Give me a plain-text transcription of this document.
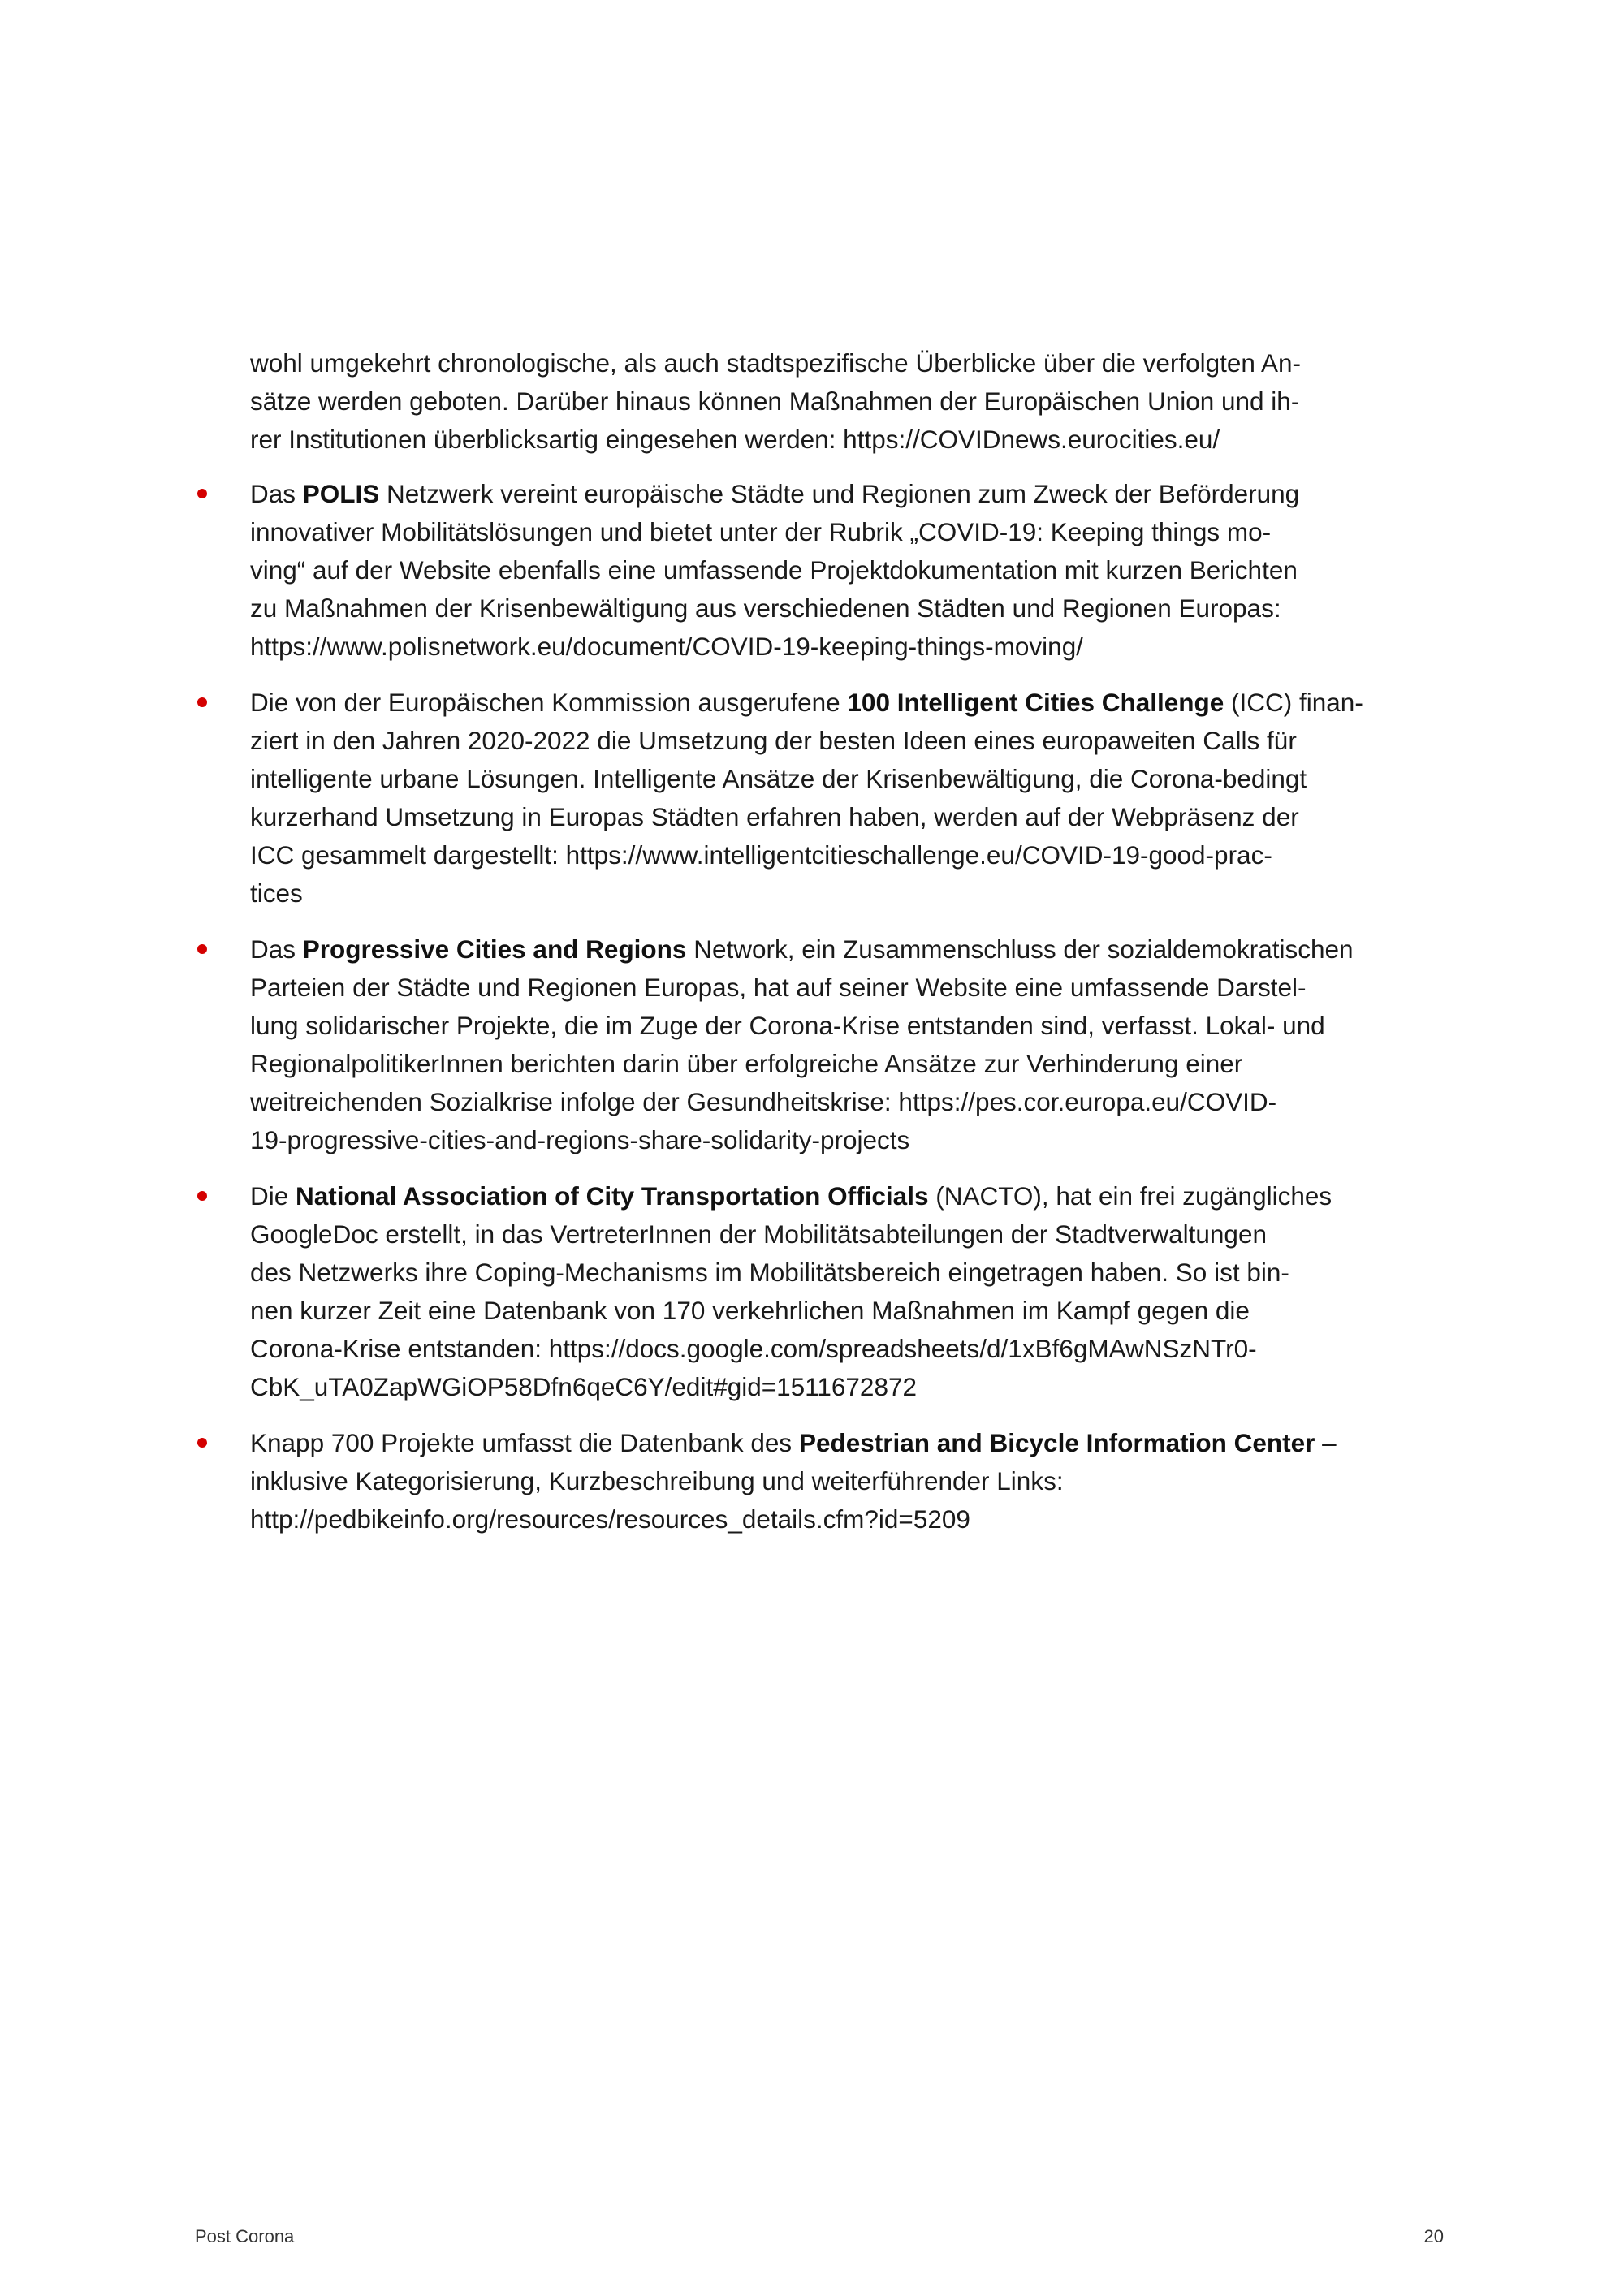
wohl umgekehrt chronologische, als auch stadtspezifische Überblicke über die verfolgten An-
sätze werden geboten. Darüber hinaus können Maßnahmen der Europäischen Union und ih-
rer Institutionen überblicksartig eingesehen werden: https://COVIDnews.eurocities.eu/

Das POLIS Netzwerk vereint europäische Städte und Regionen zum Zweck der Beförderung
innovativer Mobilitätslösungen und bietet unter der Rubrik „COVID-19: Keeping things mo-
ving“ auf der Website ebenfalls eine umfassende Projektdokumentation mit kurzen Berichten
zu Maßnahmen der Krisenbewältigung aus verschiedenen Städten und Regionen Europas:
https://www.polisnetwork.eu/document/COVID-19-keeping-things-moving/

Die von der Europäischen Kommission ausgerufene 100 Intelligent Cities Challenge (ICC) finan-
ziert in den Jahren 2020-2022 die Umsetzung der besten Ideen eines europaweiten Calls für
intelligente urbane Lösungen. Intelligente Ansätze der Krisenbewältigung, die Corona-bedingt
kurzerhand Umsetzung in Europas Städten erfahren haben, werden auf der Webpräsenz der
ICC gesammelt dargestellt: https://www.intelligentcitieschallenge.eu/COVID-19-good-prac-
tices

Das Progressive Cities and Regions Network, ein Zusammenschluss der sozialdemokratischen
Parteien der Städte und Regionen Europas, hat auf seiner Website eine umfassende Darstel-
lung solidarischer Projekte, die im Zuge der Corona-Krise entstanden sind, verfasst. Lokal- und
RegionalpolitikerInnen berichten darin über erfolgreiche Ansätze zur Verhinderung einer
weitreichenden Sozialkrise infolge der Gesundheitskrise: https://pes.cor.europa.eu/COVID-
19-progressive-cities-and-regions-share-solidarity-projects

Die National Association of City Transportation Officials (NACTO), hat ein frei zugängliches
GoogleDoc erstellt, in das VertreterInnen der Mobilitätsabteilungen der Stadtverwaltungen
des Netzwerks ihre Coping-Mechanisms im Mobilitätsbereich eingetragen haben. So ist bin-
nen kurzer Zeit eine Datenbank von 170 verkehrlichen Maßnahmen im Kampf gegen die
Corona-Krise entstanden: https://docs.google.com/spreadsheets/d/1xBf6gMAwNSzNTr0-
CbK_uTA0ZapWGiOP58Dfn6qeC6Y/edit#gid=1511672872

Knapp 700 Projekte umfasst die Datenbank des Pedestrian and Bicycle Information Center –
inklusive Kategorisierung, Kurzbeschreibung und weiterführender Links:
http://pedbikeinfo.org/resources/resources_details.cfm?id=5209

Post Corona	20
